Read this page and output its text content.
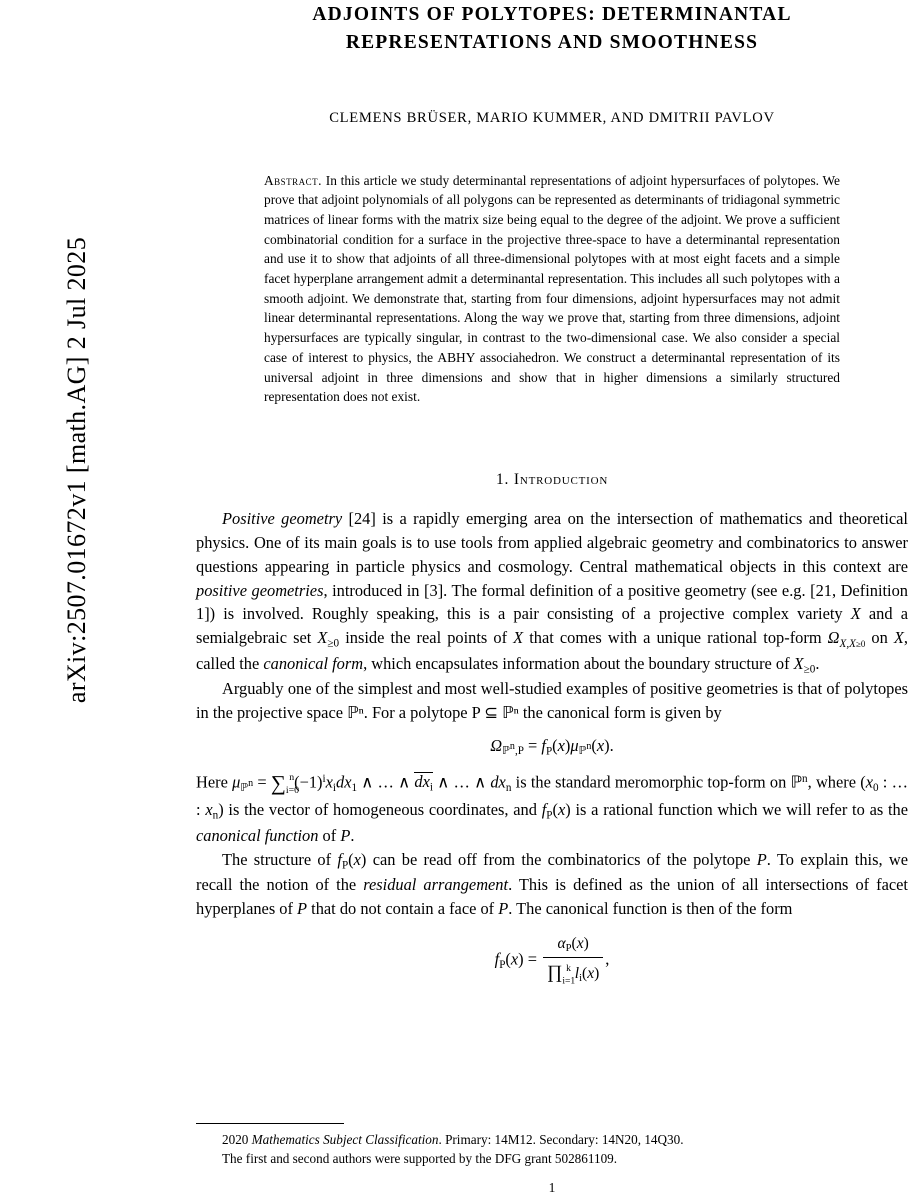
arXiv:2507.01672v1 [math.AG] 2 Jul 2025
ADJOINTS OF POLYTOPES: DETERMINANTAL
REPRESENTATIONS AND SMOOTHNESS
CLEMENS BRÜSER, MARIO KUMMER, AND DMITRII PAVLOV
Abstract. In this article we study determinantal representations of adjoint hypersurfaces of polytopes. We prove that adjoint polynomials of all polygons can be represented as determinants of tridiagonal symmetric matrices of linear forms with the matrix size being equal to the degree of the adjoint. We prove a sufficient combinatorial condition for a surface in the projective three-space to have a determinantal representation and use it to show that adjoints of all three-dimensional polytopes with at most eight facets and a simple facet hyperplane arrangement admit a determinantal representation. This includes all such polytopes with a smooth adjoint. We demonstrate that, starting from four dimensions, adjoint hypersurfaces may not admit linear determinantal representations. Along the way we prove that, starting from three dimensions, adjoint hypersurfaces are typically singular, in contrast to the two-dimensional case. We also consider a special case of interest to physics, the ABHY associahedron. We construct a determinantal representation of its universal adjoint in three dimensions and show that in higher dimensions a similarly structured representation does not exist.
1. Introduction

Positive geometry [24] is a rapidly emerging area on the intersection of mathematics and theoretical physics. One of its main goals is to use tools from applied algebraic geometry and combinatorics to answer questions appearing in particle physics and cosmology. Central mathematical objects in this context are positive geometries, introduced in [3]. The formal definition of a positive geometry (see e.g. [21, Definition 1]) is involved. Roughly speaking, this is a pair consisting of a projective complex variety X and a semialgebraic set $X_{\ge 0}$ inside the real points of X that comes with a unique rational top-form $\Omega_{X,X\ge 0}$ on X, called the canonical form, which encapsulates information about the boundary structure of $X_{\ge 0}$.

Arguably one of the simplest and most well-studied examples of positive geometries is that of polytopes in the projective space ℙⁿ. For a polytope P ⊆ ℙⁿ the canonical form is given by

$\Omega_{ℙn,P} = f_P(x)\mu_{ℙn}(x)$.

Here $\mu_{ℙn} = \sum_{i=0}^n(-1)^ix_idx_1$ ∧ … ∧ $dx_i$ ∧ … ∧ $dx_n$ is the standard meromorphic top-form on ℙ$^n$, where ($x_0$ : … : $x_n$) is the vector of homogeneous coordinates, and $f_P(x)$ is a rational function which we will refer to as the canonical function of P.

The structure of $f_P(x)$ can be read off from the combinatorics of the polytope P. To explain this, we recall the notion of the residual arrangement. This is defined as the union of all intersections of facet hyperplanes of P that do not contain a face of P. The canonical function is then of the form

$f_P(x) = \frac{\alpha_P(x)}{\prod_{i=1}^k l_i(x)}$ ,
2020 Mathematics Subject Classification. Primary: 14M12. Secondary: 14N20, 14Q30.
The first and second authors were supported by the DFG grant 502861109.
1
